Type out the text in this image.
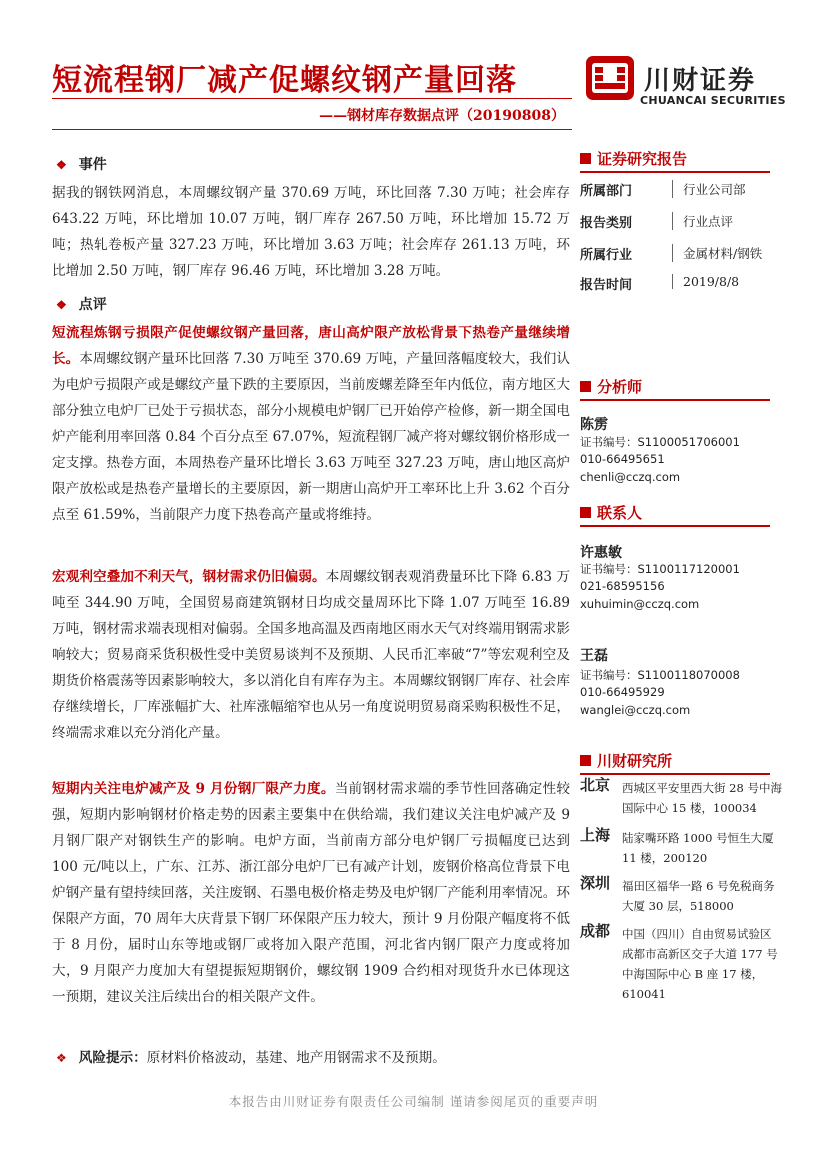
短流程钢厂减产促螺纹钢产量回落
——钢材库存数据点评（20190808）
川财证券
CHUANCAI SECURITIES
❖ 事件
据我的钢铁网消息，本周螺纹钢产量 370.69 万吨，环比回落 7.30 万吨；社会库存 643.22 万吨，环比增加 10.07 万吨，钢厂库存 267.50 万吨，环比增加 15.72 万吨；热轧卷板产量 327.23 万吨，环比增加 3.63 万吨；社会库存 261.13 万吨，环比增加 2.50 万吨，钢厂库存 96.46 万吨，环比增加 3.28 万吨。
❖ 点评
短流程炼钢亏损限产促使螺纹钢产量回落，唐山高炉限产放松背景下热卷产量继续增长。本周螺纹钢产量环比回落 7.30 万吨至 370.69 万吨，产量回落幅度较大，我们认为电炉亏损限产或是螺纹产量下跌的主要原因，当前废螺差降至年内低位，南方地区大部分独立电炉厂已处于亏损状态，部分小规模电炉钢厂已开始停产检修，新一期全国电炉产能利用率回落 0.84 个百分点至 67.07%，短流程钢厂减产将对螺纹钢价格形成一定支撑。热卷方面，本周热卷产量环比增长 3.63 万吨至 327.23 万吨，唐山地区高炉限产放松或是热卷产量增长的主要原因，新一期唐山高炉开工率环比上升 3.62 个百分点至 61.59%，当前限产力度下热卷高产量或将维持。
宏观利空叠加不利天气，钢材需求仍旧偏弱。本周螺纹钢表观消费量环比下降 6.83 万吨至 344.90 万吨，全国贸易商建筑钢材日均成交量周环比下降 1.07 万吨至 16.89 万吨，钢材需求端表现相对偏弱。全国多地高温及西南地区雨水天气对终端用钢需求影响较大；贸易商采货积极性受中美贸易谈判不及预期、人民币汇率破“7”等宏观利空及期货价格震荡等因素影响较大，多以消化自有库存为主。本周螺纹钢钢厂库存、社会库存继续增长，厂库涨幅扩大、社库涨幅缩窄也从另一角度说明贸易商采购积极性不足，终端需求难以充分消化产量。
短期内关注电炉减产及 9 月份钢厂限产力度。当前钢材需求端的季节性回落确定性较强，短期内影响钢材价格走势的因素主要集中在供给端，我们建议关注电炉减产及 9 月钢厂限产对钢铁生产的影响。电炉方面，当前南方部分电炉钢厂亏损幅度已达到 100 元/吨以上，广东、江苏、浙江部分电炉厂已有减产计划，废钢价格高位背景下电炉钢产量有望持续回落，关注废钢、石墨电极价格走势及电炉钢厂产能利用率情况。环保限产方面，70 周年大庆背景下钢厂环保限产压力较大，预计 9 月份限产幅度将不低于 8 月份，届时山东等地或钢厂或将加入限产范围，河北省内钢厂限产力度或将加大，9 月限产力度加大有望提振短期钢价，螺纹钢 1909 合约相对现货升水已体现这一预期，建议关注后续出台的相关限产文件。
❖ 风险提示：原材料价格波动，基建、地产用钢需求不及预期。
证券研究报告
所属部门	行业公司部
报告类别	行业点评
所属行业	金属材料/钢铁
报告时间	2019/8/8
分析师
陈雳
证书编号：S1100051706001
010-66495651
chenli@cczq.com
联系人
许惠敏
证书编号：S1100117120001
021-68595156
xuhuimin@cczq.com
王磊
证书编号：S1100118070008
010-66495929
wanglei@cczq.com
川财研究所
北京 西城区平安里西大街 28 号中海国际中心 15 楼，100034
上海 陆家嘴环路 1000 号恒生大厦 11 楼，200120
深圳 福田区福华一路 6 号免税商务大厦 30 层，518000
成都 中国（四川）自由贸易试验区成都市高新区交子大道 177 号中海国际中心 B 座 17 楼，610041
本报告由川财证券有限责任公司编制 谨请参阅尾页的重要声明
